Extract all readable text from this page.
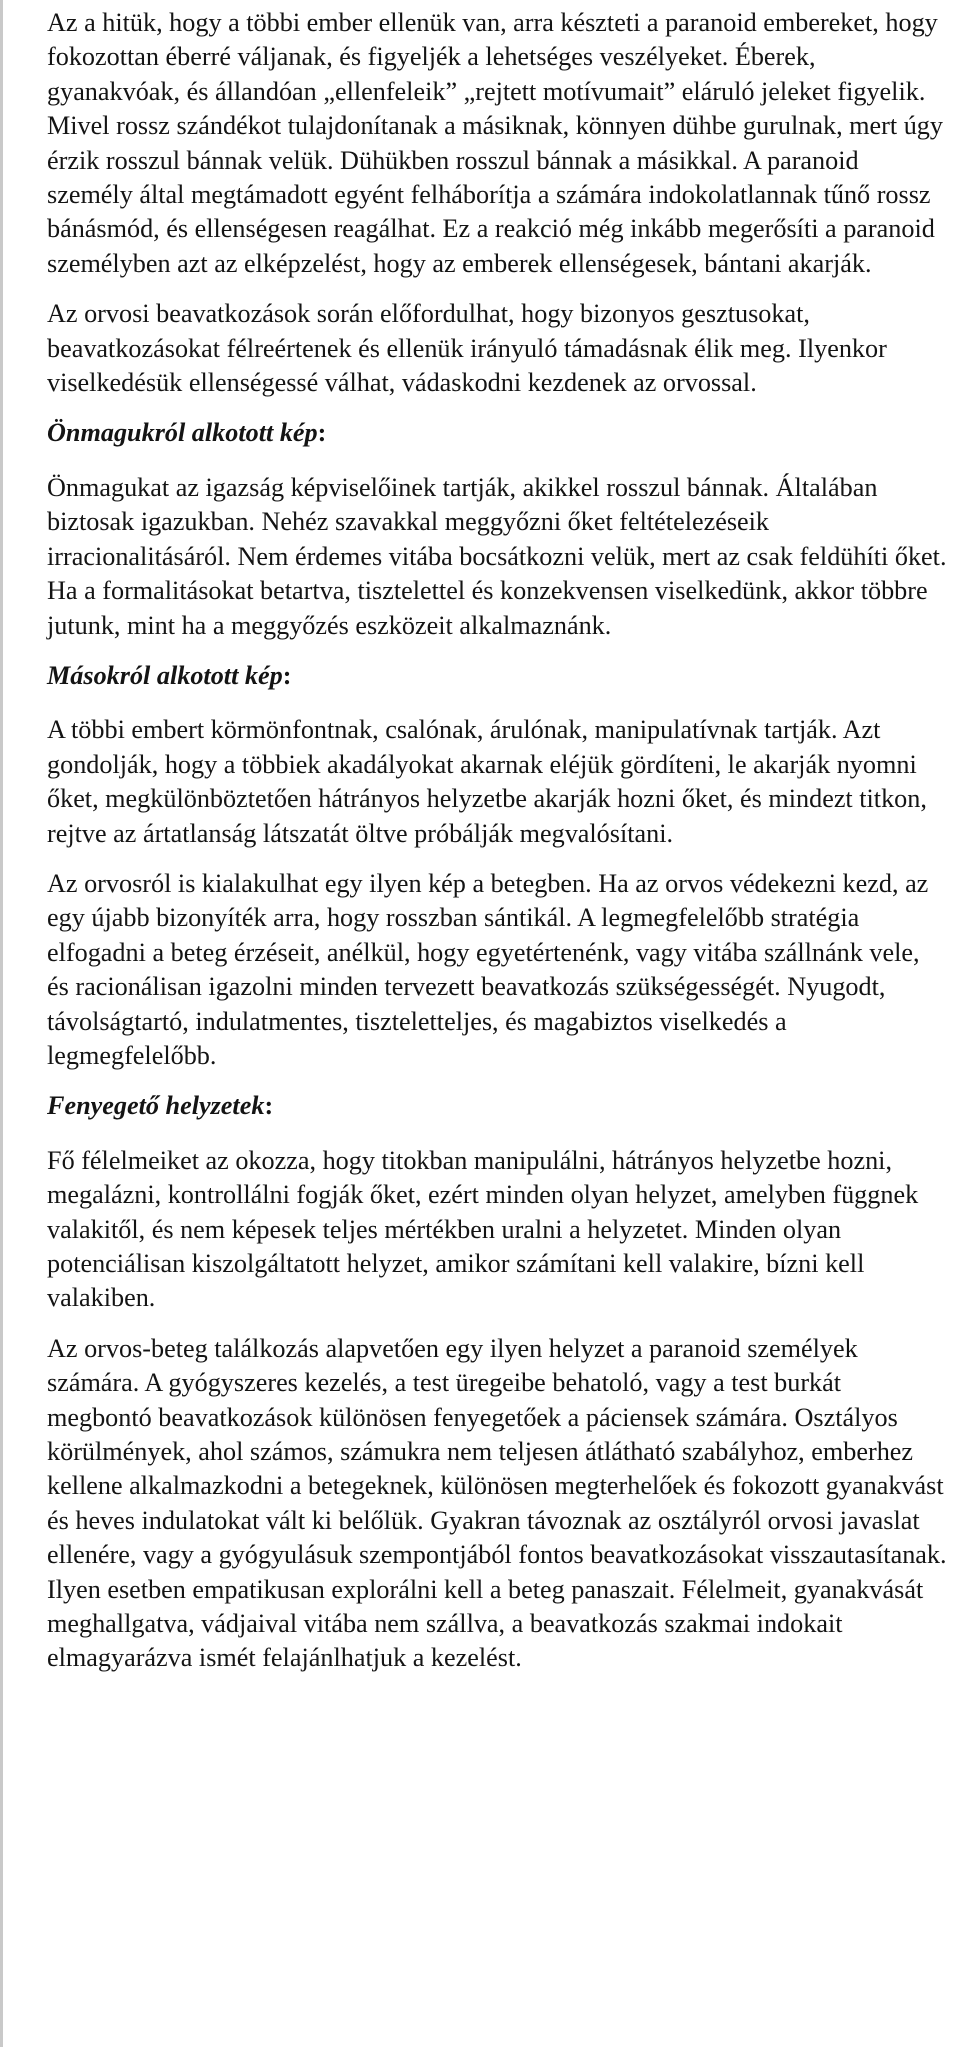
Az a hitük, hogy a többi ember ellenük van, arra készteti a paranoid embereket, hogy fokozottan éberré váljanak, és figyeljék a lehetséges veszélyeket. Éberek, gyanakvóak, és állandóan „ellenfeleik” „rejtett motívumait” eláruló jeleket figyelik. Mivel rossz szándékot tulajdonítanak a másiknak, könnyen dühbe gurulnak, mert úgy érzik rosszul bánnak velük. Dühükben rosszul bánnak a másikkal. A paranoid személy által megtámadott egyént felháborítja a számára indokolatlannak tűnő rossz bánásmód, és ellenségesen reagálhat. Ez a reakció még inkább megerősíti a paranoid személyben azt az elképzelést, hogy az emberek ellenségesek, bántani akarják.

Az orvosi beavatkozások során előfordulhat, hogy bizonyos gesztusokat, beavatkozásokat félreértenek és ellenük irányuló támadásnak élik meg. Ilyenkor viselkedésük ellenségessé válhat, vádaskodni kezdenek az orvossal.

Önmagukról alkotott kép:

Önmagukat az igazság képviselőinek tartják, akikkel rosszul bánnak. Általában biztosak igazukban. Nehéz szavakkal meggyőzni őket feltételezéseik irracionalitásáról. Nem érdemes vitába bocsátkozni velük, mert az csak feldühíti őket. Ha a formalitásokat betartva, tisztelettel és konzekvensen viselkedünk, akkor többre jutunk, mint ha a meggyőzés eszközeit alkalmaznánk.

Másokról alkotott kép:

A többi embert körmönfontnak, csalónak, árulónak, manipulatívnak tartják. Azt gondolják, hogy a többiek akadályokat akarnak eléjük gördíteni, le akarják nyomni őket, megkülönböztetően hátrányos helyzetbe akarják hozni őket, és mindezt titkon, rejtve az ártatlanság látszatát öltve próbálják megvalósítani.

Az orvosról is kialakulhat egy ilyen kép a betegben. Ha az orvos védekezni kezd, az egy újabb bizonyíték arra, hogy rosszban sántikál. A legmegfelelőbb stratégia elfogadni a beteg érzéseit, anélkül, hogy egyetértenénk, vagy vitába szállnánk vele, és racionálisan igazolni minden tervezett beavatkozás szükségességét. Nyugodt, távolságtartó, indulatmentes, tiszteletteljes, és magabiztos viselkedés a legmegfelelőbb.

Fenyegető helyzetek:

Fő félelmeiket az okozza, hogy titokban manipulálni, hátrányos helyzetbe hozni, megalázni, kontrollálni fogják őket, ezért minden olyan helyzet, amelyben függnek valakitől, és nem képesek teljes mértékben uralni a helyzetet. Minden olyan potenciálisan kiszolgáltatott helyzet, amikor számítani kell valakire, bízni kell valakiben.

Az orvos-beteg találkozás alapvetően egy ilyen helyzet a paranoid személyek számára. A gyógyszeres kezelés, a test üregeibe behatoló, vagy a test burkát megbontó beavatkozások különösen fenyegetőek a páciensek számára. Osztályos körülmények, ahol számos, számukra nem teljesen átlátható szabályhoz, emberhez kellene alkalmazkodni a betegeknek, különösen megterhelőek és fokozott gyanakvást és heves indulatokat vált ki belőlük. Gyakran távoznak az osztályról orvosi javaslat ellenére, vagy a gyógyulásuk szempontjából fontos beavatkozásokat visszautasítanak. Ilyen esetben empatikusan explorálni kell a beteg panaszait. Félelmeit, gyanakvását meghallgatva, vádjaival vitába nem szállva, a beavatkozás szakmai indokait elmagyarázva ismét felajánlhatjuk a kezelést.
